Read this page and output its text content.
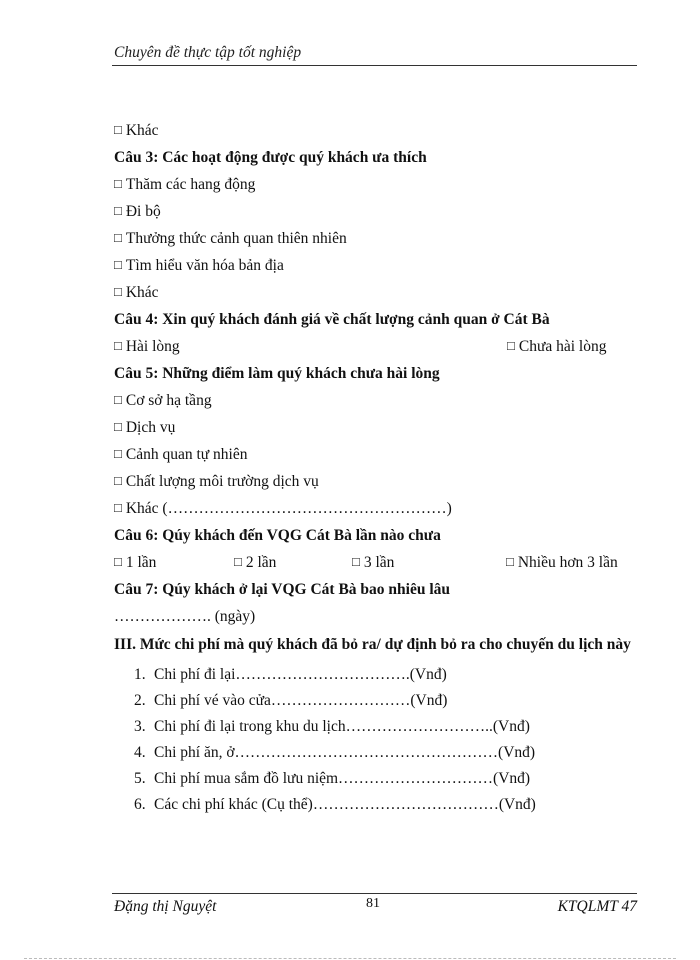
Chuyên đề thực tập tốt nghiệp
□ Khác
Câu 3: Các hoạt động được quý khách ưa thích
□ Thăm các hang động
□ Đi bộ
□ Thưởng thức cảnh quan thiên nhiên
□ Tìm hiểu văn hóa bản địa
□ Khác
Câu 4: Xin quý khách đánh giá về chất lượng cảnh quan ở Cát Bà
□ Hài lòng	□ Chưa hài lòng
Câu 5: Những điểm làm quý khách chưa hài lòng
□ Cơ sở hạ tầng
□ Dịch vụ
□ Cảnh quan tự nhiên
□ Chất lượng môi trường dịch vụ
□ Khác (………………………………………………)
Câu 6: Qúy khách đến VQG Cát Bà lần nào chưa
□ 1 lần	□ 2 lần	□ 3 lần	□ Nhiều hơn 3 lần
Câu 7: Qúy khách ở lại VQG Cát Bà bao nhiêu lâu
………………. (ngày)
III. Mức chi phí mà quý khách đã bỏ ra/ dự định bỏ ra cho chuyến du lịch này
1. Chi phí đi lại…………………………….(Vnđ)
2. Chi phí vé vào cửa………………………(Vnđ)
3. Chi phí đi lại trong khu du lịch………………………..(Vnđ)
4. Chi phí ăn, ở……………………………………………(Vnđ)
5. Chi phí mua sắm đồ lưu niệm…………………………(Vnđ)
6. Các chi phí khác (Cụ thể)………………………………(Vnđ)
Đặng thị Nguyệt	81	KTQLMT 47
